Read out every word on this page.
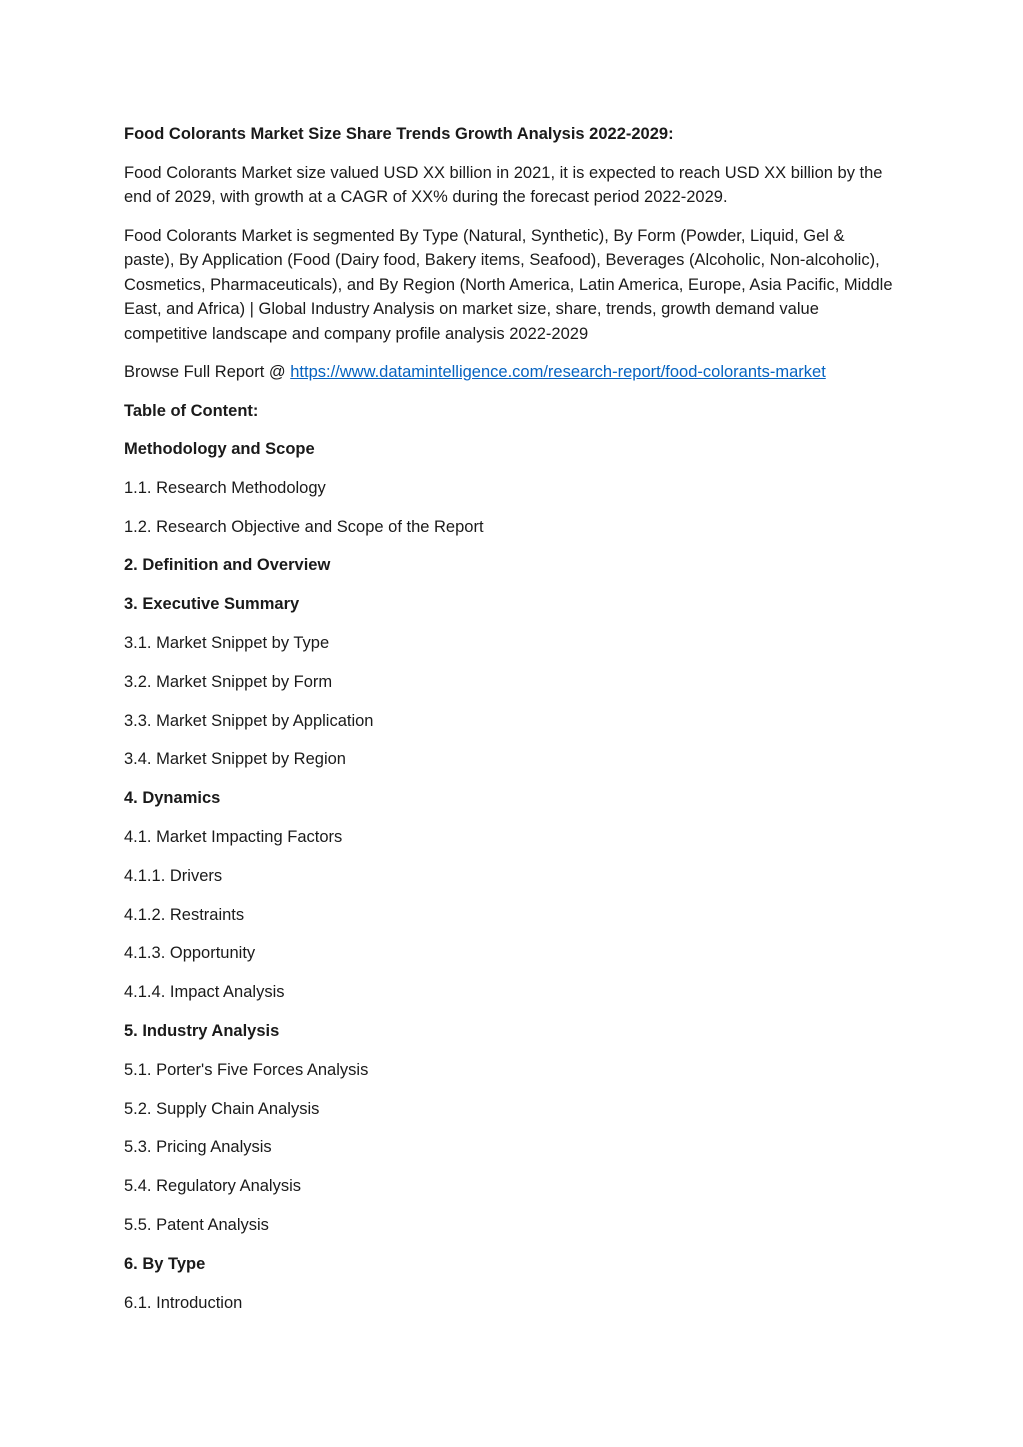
Food Colorants Market Size Share Trends Growth Analysis 2022-2029:

Food Colorants Market size valued USD XX billion in 2021, it is expected to reach USD XX billion by the end of 2029, with growth at a CAGR of XX% during the forecast period 2022-2029.

Food Colorants Market is segmented By Type (Natural, Synthetic), By Form (Powder, Liquid, Gel & paste), By Application (Food (Dairy food, Bakery items, Seafood), Beverages (Alcoholic, Non-alcoholic), Cosmetics, Pharmaceuticals), and By Region (North America, Latin America, Europe, Asia Pacific, Middle East, and Africa) | Global Industry Analysis on market size, share, trends, growth demand value competitive landscape and company profile analysis 2022-2029

Browse Full Report @ https://www.datamintelligence.com/research-report/food-colorants-market

Table of Content:

Methodology and Scope
1.1. Research Methodology
1.2. Research Objective and Scope of the Report
2. Definition and Overview
3. Executive Summary
3.1. Market Snippet by Type
3.2. Market Snippet by Form
3.3. Market Snippet by Application
3.4. Market Snippet by Region
4. Dynamics
4.1. Market Impacting Factors
4.1.1. Drivers
4.1.2. Restraints
4.1.3. Opportunity
4.1.4. Impact Analysis
5. Industry Analysis
5.1. Porter's Five Forces Analysis
5.2. Supply Chain Analysis
5.3. Pricing Analysis
5.4. Regulatory Analysis
5.5. Patent Analysis
6. By Type
6.1. Introduction
